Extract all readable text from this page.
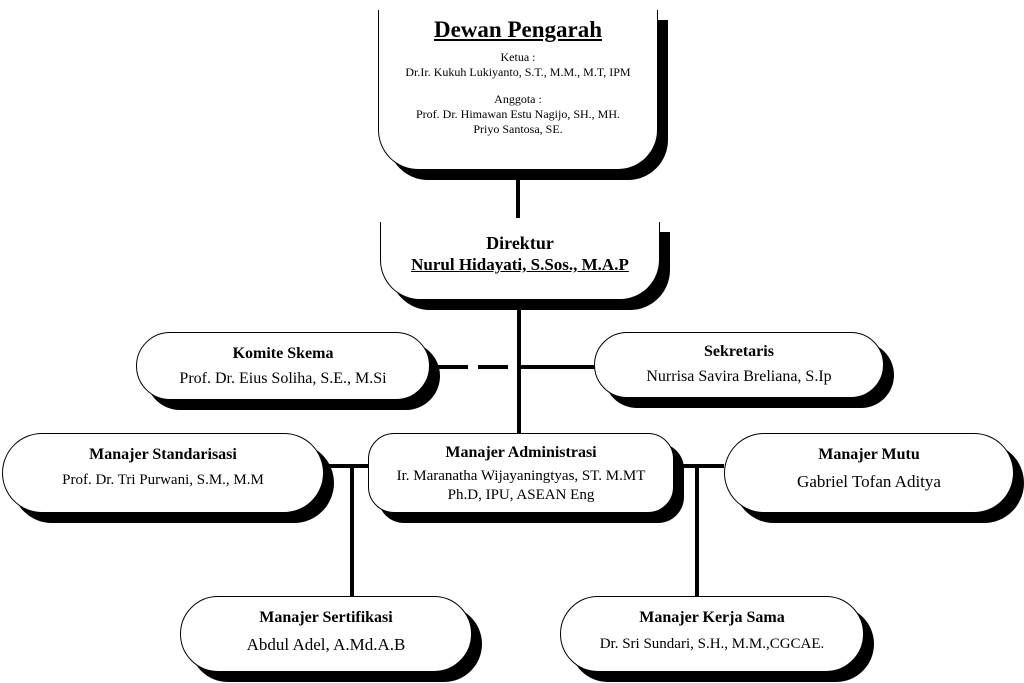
Dewan Pengarah
Ketua :
Dr.Ir. Kukuh Lukiyanto, S.T., M.M., M.T, IPM
Anggota :
Prof. Dr. Himawan Estu Nagijo, SH., MH.
Priyo Santosa, SE.
Direktur
Nurul Hidayati, S.Sos., M.A.P
Komite Skema
Prof. Dr. Eius Soliha, S.E., M.Si
Sekretaris
Nurrisa Savira Breliana, S.Ip
Manajer Standarisasi
Prof. Dr. Tri Purwani, S.M., M.M
Manajer Administrasi
Ir. Maranatha Wijayaningtyas, ST. M.MT
Ph.D, IPU, ASEAN Eng
Manajer Mutu
Gabriel Tofan Aditya
Manajer Sertifikasi
Abdul Adel, A.Md.A.B
Manajer Kerja Sama
Dr. Sri Sundari, S.H., M.M.,CGCAE.
